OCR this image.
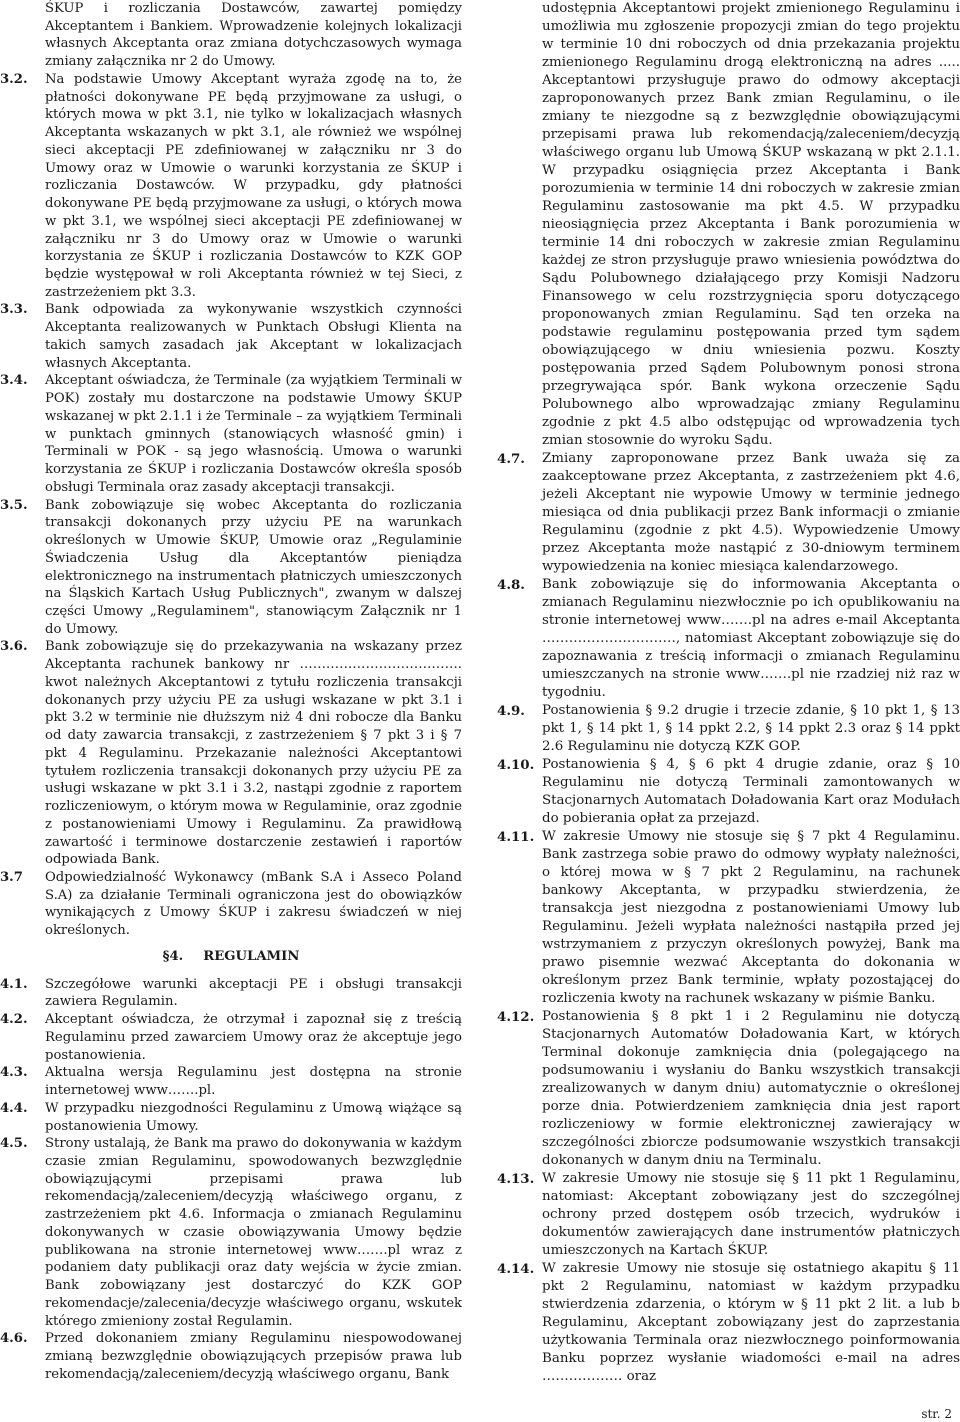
ŚKUP i rozliczania Dostawców, zawartej pomiędzy Akceptantem i Bankiem. Wprowadzenie kolejnych lokalizacji własnych Akceptanta oraz zmiana dotychczasowych wymaga zmiany załącznika nr 2 do Umowy.
3.2.	Na podstawie Umowy Akceptant wyraża zgodę na to, że płatności dokonywane PE będą przyjmowane za usługi, o których mowa w pkt 3.1, nie tylko w lokalizacjach własnych Akceptanta wskazanych w pkt 3.1, ale również we wspólnej sieci akceptacji PE zdefiniowanej w załączniku nr 3 do Umowy oraz w Umowie o warunki korzystania ze ŚKUP i rozliczania Dostawców. W przypadku, gdy płatności dokonywane PE będą przyjmowane za usługi, o których mowa w pkt 3.1, we wspólnej sieci akceptacji PE zdefiniowanej w załączniku nr 3 do Umowy oraz w Umowie o warunki korzystania ze ŚKUP i rozliczania Dostawców to KZK GOP będzie występował w roli Akceptanta również w tej Sieci, z zastrzeżeniem pkt 3.3.
3.3.	Bank odpowiada za wykonywanie wszystkich czynności Akceptanta realizowanych w Punktach Obsługi Klienta na takich samych zasadach jak Akceptant w lokalizacjach własnych Akceptanta.
3.4.	Akceptant oświadcza, że Terminale (za wyjątkiem Terminali w POK) zostały mu dostarczone na podstawie Umowy ŚKUP wskazanej w pkt 2.1.1 i że Terminale – za wyjątkiem Terminali w punktach gminnych (stanowiących własność gmin) i Terminali w POK - są jego własnością. Umowa o warunki korzystania ze ŚKUP i rozliczania Dostawców określa sposób obsługi Terminala oraz zasady akceptacji transakcji.
3.5.	Bank zobowiązuje się wobec Akceptanta do rozliczania transakcji dokonanych przy użyciu PE na warunkach określonych w Umowie ŚKUP, Umowie oraz „Regulaminie Świadczenia Usług dla Akceptantów pieniądza elektronicznego na instrumentach płatniczych umieszczonych na Śląskich Kartach Usług Publicznych", zwanym w dalszej części Umowy „Regulaminem", stanowiącym Załącznik nr 1 do Umowy.
3.6.	Bank zobowiązuje się do przekazywania na wskazany przez Akceptanta rachunek bankowy nr ………………………………. kwot należnych Akceptantowi z tytułu rozliczenia transakcji dokonanych przy użyciu PE za usługi wskazane w pkt 3.1 i pkt 3.2 w terminie nie dłuższym niż 4 dni robocze dla Banku od daty zawarcia transakcji, z zastrzeżeniem § 7 pkt 3 i § 7 pkt 4 Regulaminu. Przekazanie należności Akceptantowi tytułem rozliczenia transakcji dokonanych przy użyciu PE za usługi wskazane w pkt 3.1 i 3.2, nastąpi zgodnie z raportem rozliczeniowym, o którym mowa w Regulaminie, oraz zgodnie z postanowieniami Umowy i Regulaminu. Za prawidłową zawartość i terminowe dostarczenie zestawień i raportów odpowiada Bank.
3.7	Odpowiedzialność Wykonawcy (mBank S.A i Asseco Poland S.A) za działanie Terminali ograniczona jest do obowiązków wynikających z Umowy ŚKUP i zakresu świadczeń w niej określonych.
§4. REGULAMIN
4.1.	Szczegółowe warunki akceptacji PE i obsługi transakcji zawiera Regulamin.
4.2.	Akceptant oświadcza, że otrzymał i zapoznał się z treścią Regulaminu przed zawarciem Umowy oraz że akceptuje jego postanowienia.
4.3.	Aktualna wersja Regulaminu jest dostępna na stronie internetowej www…….pl.
4.4.	W przypadku niezgodności Regulaminu z Umową wiążące są postanowienia Umowy.
4.5.	Strony ustalają, że Bank ma prawo do dokonywania w każdym czasie zmian Regulaminu, spowodowanych bezwzględnie obowiązującymi przepisami prawa lub rekomendacją/zaleceniem/decyzją właściwego organu, z zastrzeżeniem pkt 4.6. Informacja o zmianach Regulaminu dokonywanych w czasie obowiązywania Umowy będzie publikowana na stronie internetowej www…….pl wraz z podaniem daty publikacji oraz daty wejścia w życie zmian. Bank zobowiązany jest dostarczyć do KZK GOP rekomendacje/zalecenia/decyzje właściwego organu, wskutek którego zmieniony został Regulamin.
4.6.	Przed dokonaniem zmiany Regulaminu niespowodowanej zmianą bezwzględnie obowiązujących przepisów prawa lub rekomendacją/zaleceniem/decyzją właściwego organu, Bank
udostępnia Akceptantowi projekt zmienionego Regulaminu i umożliwia mu zgłoszenie propozycji zmian do tego projektu w terminie 10 dni roboczych od dnia przekazania projektu zmienionego Regulaminu drogą elektroniczną na adres ..... Akceptantowi przysługuje prawo do odmowy akceptacji zaproponowanych przez Bank zmian Regulaminu, o ile zmiany te niezgodne są z bezwzględnie obowiązującymi przepisami prawa lub rekomendacją/zaleceniem/decyzją właściwego organu lub Umową ŚKUP wskazaną w pkt 2.1.1. W przypadku osiągnięcia przez Akceptanta i Bank porozumienia w terminie 14 dni roboczych w zakresie zmian Regulaminu zastosowanie ma pkt 4.5. W przypadku nieosiągnięcia przez Akceptanta i Bank porozumienia w terminie 14 dni roboczych w zakresie zmian Regulaminu każdej ze stron przysługuje prawo wniesienia powództwa do Sądu Polubownego działającego przy Komisji Nadzoru Finansowego w celu rozstrzygnięcia sporu dotyczącego proponowanych zmian Regulaminu. Sąd ten orzeka na podstawie regulaminu postępowania przed tym sądem obowiązującego w dniu wniesienia pozwu. Koszty postępowania przed Sądem Polubownym ponosi strona przegrywająca spór. Bank wykona orzeczenie Sądu Polubownego albo wprowadzając zmiany Regulaminu zgodnie z pkt 4.5 albo odstępując od wprowadzenia tych zmian stosownie do wyroku Sądu.
4.7.	Zmiany zaproponowane przez Bank uważa się za zaakceptowane przez Akceptanta, z zastrzeżeniem pkt 4.6, jeżeli Akceptant nie wypowie Umowy w terminie jednego miesiąca od dnia publikacji przez Bank informacji o zmianie Regulaminu (zgodnie z pkt 4.5). Wypowiedzenie Umowy przez Akceptanta może nastąpić z 30-dniowym terminem wypowiedzenia na koniec miesiąca kalendarzowego.
4.8.	Bank zobowiązuje się do informowania Akceptanta o zmianach Regulaminu niezwłocznie po ich opublikowaniu na stronie internetowej www…….pl na adres e-mail Akceptanta …………………………, natomiast Akceptant zobowiązuje się do zapoznawania z treścią informacji o zmianach Regulaminu umieszczanych na stronie www…….pl nie rzadziej niż raz w tygodniu.
4.9.	Postanowienia § 9.2 drugie i trzecie zdanie, § 10 pkt 1, § 13 pkt 1, § 14 pkt 1, § 14 ppkt 2.2, § 14 ppkt 2.3 oraz § 14 ppkt 2.6 Regulaminu nie dotyczą KZK GOP.
4.10. Postanowienia § 4, § 6 pkt 4 drugie zdanie, oraz § 10 Regulaminu nie dotyczą Terminali zamontowanych w Stacjonarnych Automatach Doładowania Kart oraz Modułach do pobierania opłat za przejazd.
4.11. W zakresie Umowy nie stosuje się § 7 pkt 4 Regulaminu. Bank zastrzega sobie prawo do odmowy wypłaty należności, o której mowa w § 7 pkt 2 Regulaminu, na rachunek bankowy Akceptanta, w przypadku stwierdzenia, że transakcja jest niezgodna z postanowieniami Umowy lub Regulaminu. Jeżeli wypłata należności nastąpiła przed jej wstrzymaniem z przyczyn określonych powyżej, Bank ma prawo pisemnie wezwać Akceptanta do dokonania w określonym przez Bank terminie, wpłaty pozostającej do rozliczenia kwoty na rachunek wskazany w piśmie Banku.
4.12. Postanowienia § 8 pkt 1 i 2 Regulaminu nie dotyczą Stacjonarnych Automatów Doładowania Kart, w których Terminal dokonuje zamknięcia dnia (polegającego na podsumowaniu i wysłaniu do Banku wszystkich transakcji zrealizowanych w danym dniu) automatycznie o określonej porze dnia. Potwierdzeniem zamknięcia dnia jest raport rozliczeniowy w formie elektronicznej zawierający w szczególności zbiorcze podsumowanie wszystkich transakcji dokonanych w danym dniu na Terminalu.
4.13. W zakresie Umowy nie stosuje się § 11 pkt 1 Regulaminu, natomiast: Akceptant zobowiązany jest do szczególnej ochrony przed dostępem osób trzecich, wydruków i dokumentów zawierających dane instrumentów płatniczych umieszczonych na Kartach ŚKUP.
4.14. W zakresie Umowy nie stosuje się ostatniego akapitu § 11 pkt 2 Regulaminu, natomiast w każdym przypadku stwierdzenia zdarzenia, o którym w § 11 pkt 2 lit. a lub b Regulaminu, Akceptant zobowiązany jest do zaprzestania użytkowania Terminala oraz niezwłocznego poinformowania Banku poprzez wysłanie wiadomości e-mail na adres ……………… oraz
str. 2
